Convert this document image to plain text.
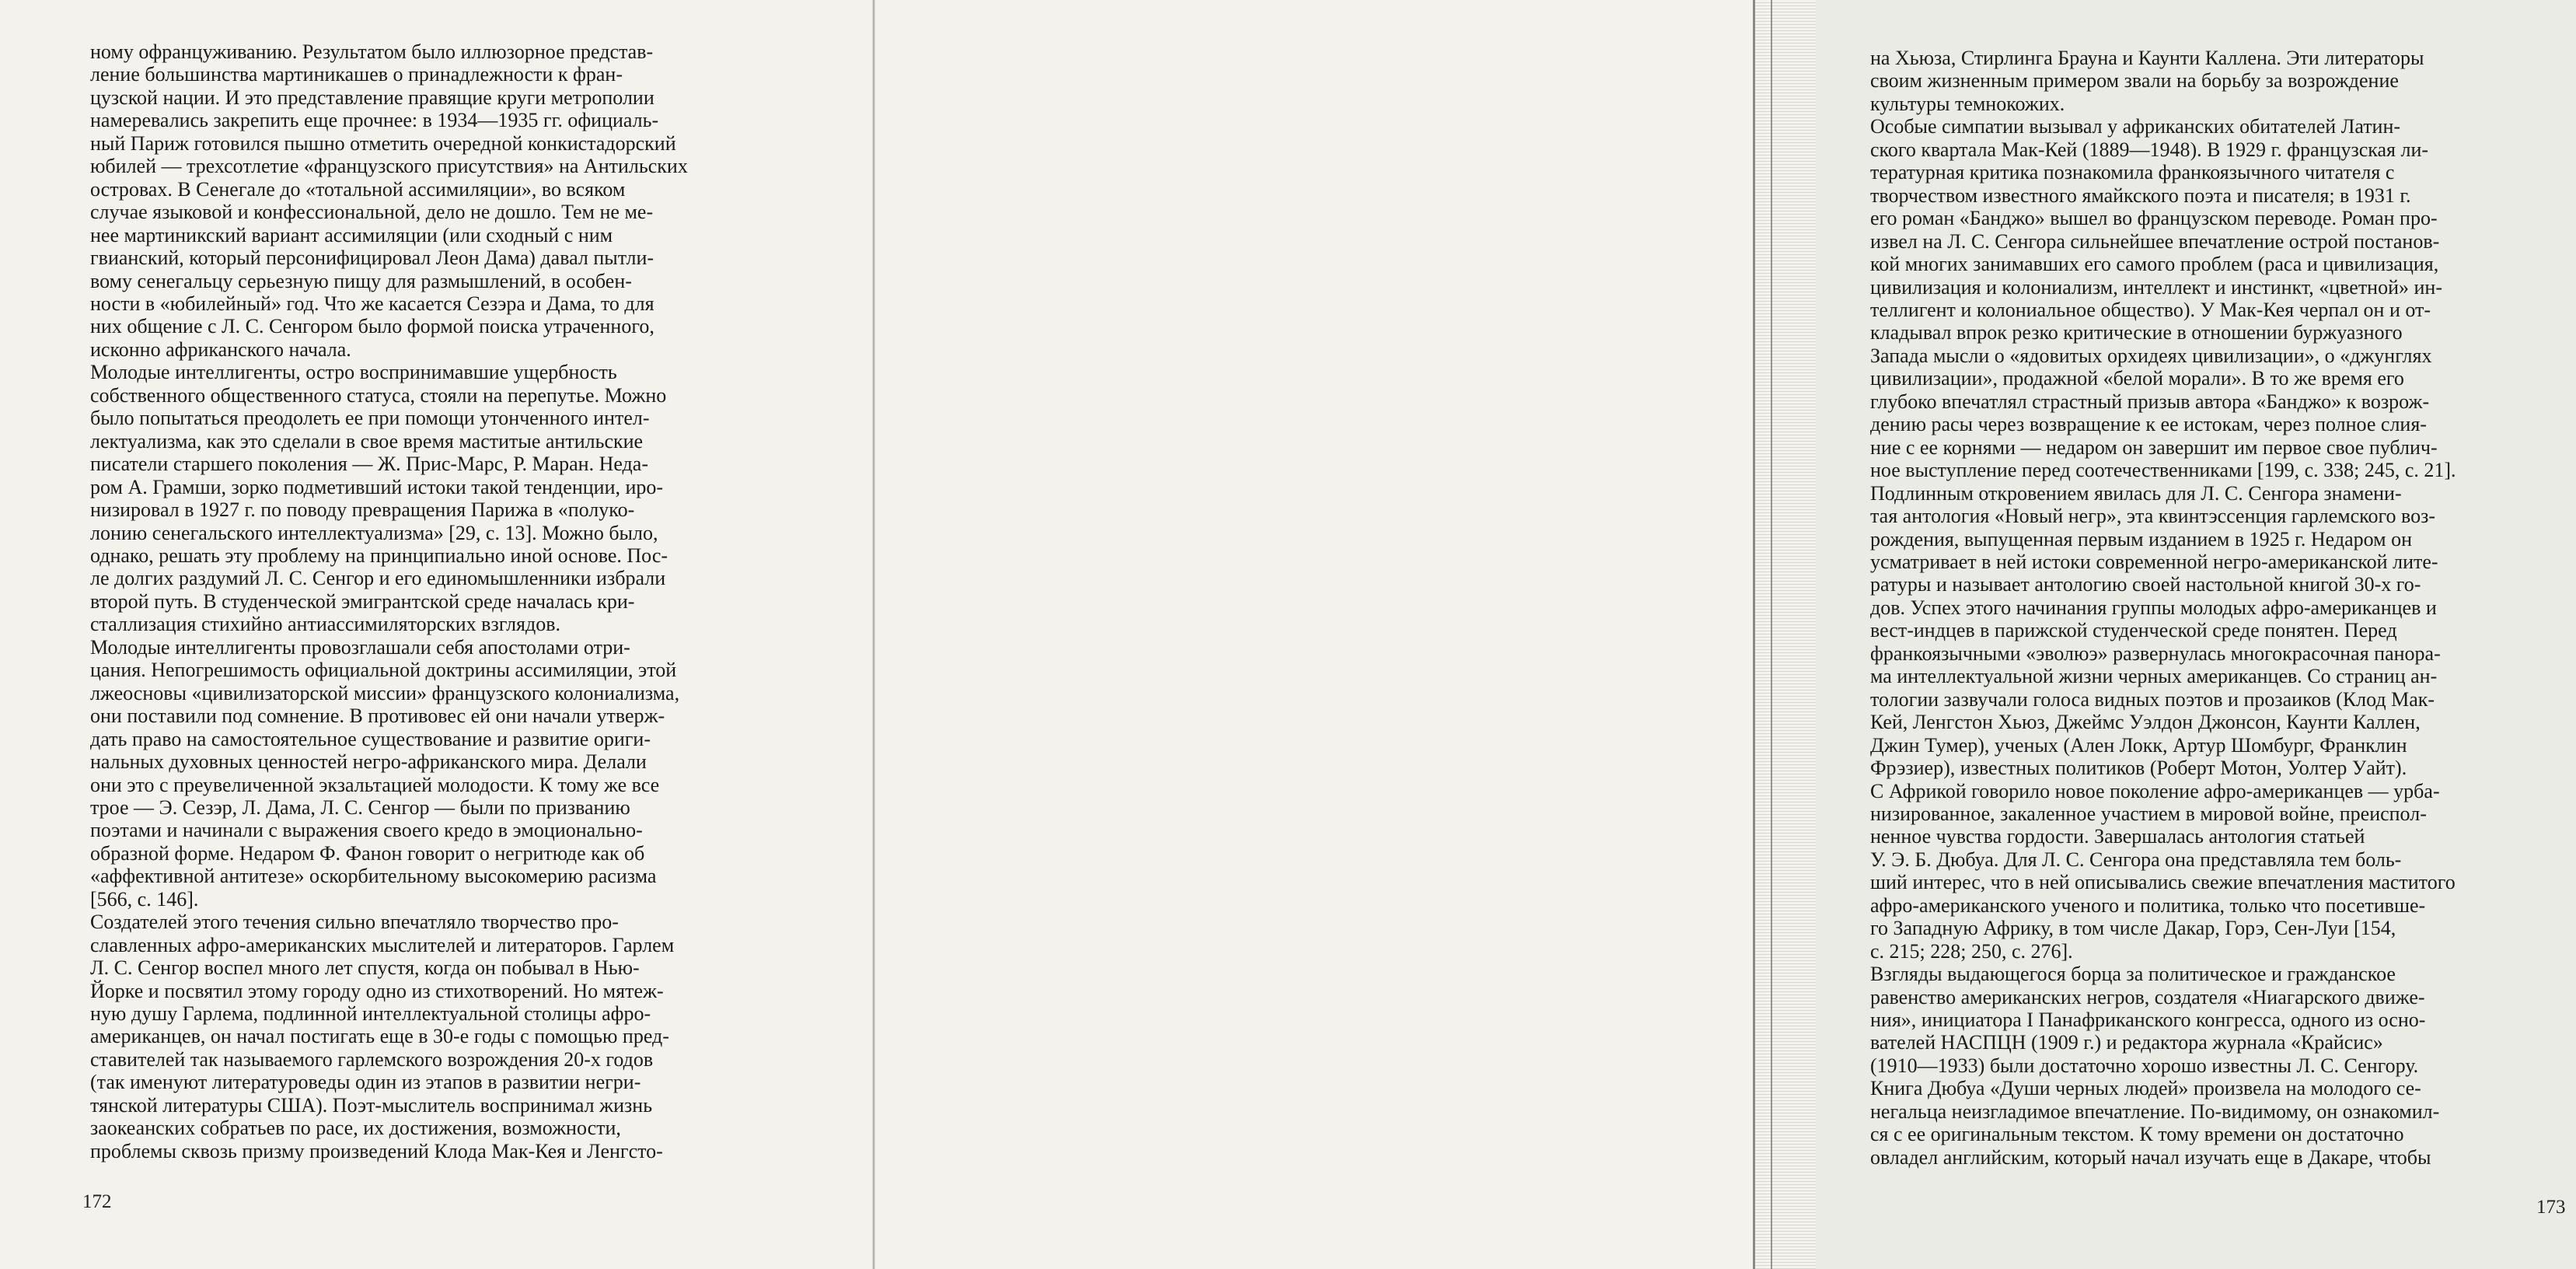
ному офранцуживанию. Результатом было иллюзорное представ-
ление большинства мартиникашев о принадлежности к фран-
цузской нации. И это представление правящие круги метрополии
намеревались закрепить еще прочнее: в 1934—1935 гг. официаль-
ный Париж готовился пышно отметить очередной конкистадорский
юбилей — трехсотлетие «французского присутствия» на Антильских
островах. В Сенегале до «тотальной ассимиляции», во всяком
случае языковой и конфессиональной, дело не дошло. Тем не ме-
нее мартиникский вариант ассимиляции (или сходный с ним
гвианский, который персонифицировал Леон Дама) давал пытли-
вому сенегальцу серьезную пищу для размышлений, в особен-
ности в «юбилейный» год. Что же касается Сезэра и Дама, то для
них общение с Л. С. Сенгором было формой поиска утраченного,
исконно африканского начала.

Молодые интеллигенты, остро воспринимавшие ущербность
собственного общественного статуса, стояли на перепутье. Можно
было попытаться преодолеть ее при помощи утонченного интел-
лектуализма, как это сделали в свое время маститые антильские
писатели старшего поколения — Ж. Прис-Марс, Р. Маран. Неда-
ром А. Грамши, зорко подметивший истоки такой тенденции, иро-
низировал в 1927 г. по поводу превращения Парижа в «полуко-
лонию сенегальского интеллектуализма» [29, с. 13]. Можно было,
однако, решать эту проблему на принципиально иной основе. Пос-
ле долгих раздумий Л. С. Сенгор и его единомышленники избрали
второй путь. В студенческой эмигрантской среде началась кри-
сталлизация стихийно антиассимиляторских взглядов.

Молодые интеллигенты провозглашали себя апостолами отри-
цания. Непогрешимость официальной доктрины ассимиляции, этой
лжеосновы «цивилизаторской миссии» французского колониализма,
они поставили под сомнение. В противовес ей они начали утверж-
дать право на самостоятельное существование и развитие ориги-
нальных духовных ценностей негро-африканского мира. Делали
они это с преувеличенной экзальтацией молодости. К тому же все
трое — Э. Сезэр, Л. Дама, Л. С. Сенгор — были по призванию
поэтами и начинали с выражения своего кредо в эмоционально-
образной форме. Недаром Ф. Фанон говорит о негритюде как об
«аффективной антитезе» оскорбительному высокомерию расизма
[566, с. 146].

Создателей этого течения сильно впечатляло творчество про-
славленных афро-американских мыслителей и литераторов. Гарлем
Л. С. Сенгор воспел много лет спустя, когда он побывал в Нью-
Йорке и посвятил этому городу одно из стихотворений. Но мятеж-
ную душу Гарлема, подлинной интеллектуальной столицы афро-
американцев, он начал постигать еще в 30-е годы с помощью пред-
ставителей так называемого гарлемского возрождения 20-х годов
(так именуют литературоведы один из этапов в развитии негри-
тянской литературы США). Поэт-мыслитель воспринимал жизнь
заокеанских собратьев по расе, их достижения, возможности,
проблемы сквозь призму произведений Клода Мак-Кея и Ленгсто-

172

на Хьюза, Стирлинга Брауна и Каунти Каллена. Эти литераторы
своим жизненным примером звали на борьбу за возрождение
культуры темнокожих.

Особые симпатии вызывал у африканских обитателей Латин-
ского квартала Мак-Кей (1889—1948). В 1929 г. французская ли-
тературная критика познакомила франкоязычного читателя с
творчеством известного ямайкского поэта и писателя; в 1931 г.
его роман «Банджо» вышел во французском переводе. Роман про-
извел на Л. С. Сенгора сильнейшее впечатление острой постанов-
кой многих занимавших его самого проблем (раса и цивилизация,
цивилизация и колониализм, интеллект и инстинкт, «цветной» ин-
теллигент и колониальное общество). У Мак-Кея черпал он и от-
кладывал впрок резко критические в отношении буржуазного
Запада мысли о «ядовитых орхидеях цивилизации», о «джунглях
цивилизации», продажной «белой морали». В то же время его
глубоко впечатлял страстный призыв автора «Банджо» к возрож-
дению расы через возвращение к ее истокам, через полное слия-
ние с ее корнями — недаром он завершит им первое свое публич-
ное выступление перед соотечественниками [199, с. 338; 245, с. 21].

Подлинным откровением явилась для Л. С. Сенгора знамени-
тая антология «Новый негр», эта квинтэссенция гарлемского воз-
рождения, выпущенная первым изданием в 1925 г. Недаром он
усматривает в ней истоки современной негро-американской лите-
ратуры и называет антологию своей настольной книгой 30-х го-
дов. Успех этого начинания группы молодых афро-американцев и
вест-индцев в парижской студенческой среде понятен. Перед
франкоязычными «эволюэ» развернулась многокрасочная панора-
ма интеллектуальной жизни черных американцев. Со страниц ан-
тологии зазвучали голоса видных поэтов и прозаиков (Клод Мак-
Кей, Ленгстон Хьюз, Джеймс Уэлдон Джонсон, Каунти Каллен,
Джин Тумер), ученых (Ален Локк, Артур Шомбург, Франклин
Фрэзиер), известных политиков (Роберт Мотон, Уолтер Уайт).
С Африкой говорило новое поколение афро-американцев — урба-
низированное, закаленное участием в мировой войне, преиспол-
ненное чувства гордости. Завершалась антология статьей
У. Э. Б. Дюбуа. Для Л. С. Сенгора она представляла тем боль-
ший интерес, что в ней описывались свежие впечатления маститого
афро-американского ученого и политика, только что посетивше-
го Западную Африку, в том числе Дакар, Горэ, Сен-Луи [154,
с. 215; 228; 250, с. 276].

Взгляды выдающегося борца за политическое и гражданское
равенство американских негров, создателя «Ниагарского движе-
ния», инициатора I Панафриканского конгресса, одного из осно-
вателей НАСПЦН (1909 г.) и редактора журнала «Крайсис»
(1910—1933) были достаточно хорошо известны Л. С. Сенгору.
Книга Дюбуа «Души черных людей» произвела на молодого се-
негальца неизгладимое впечатление. По-видимому, он ознакомил-
ся с ее оригинальным текстом. К тому времени он достаточно
овладел английским, который начал изучать еще в Дакаре, чтобы

173
